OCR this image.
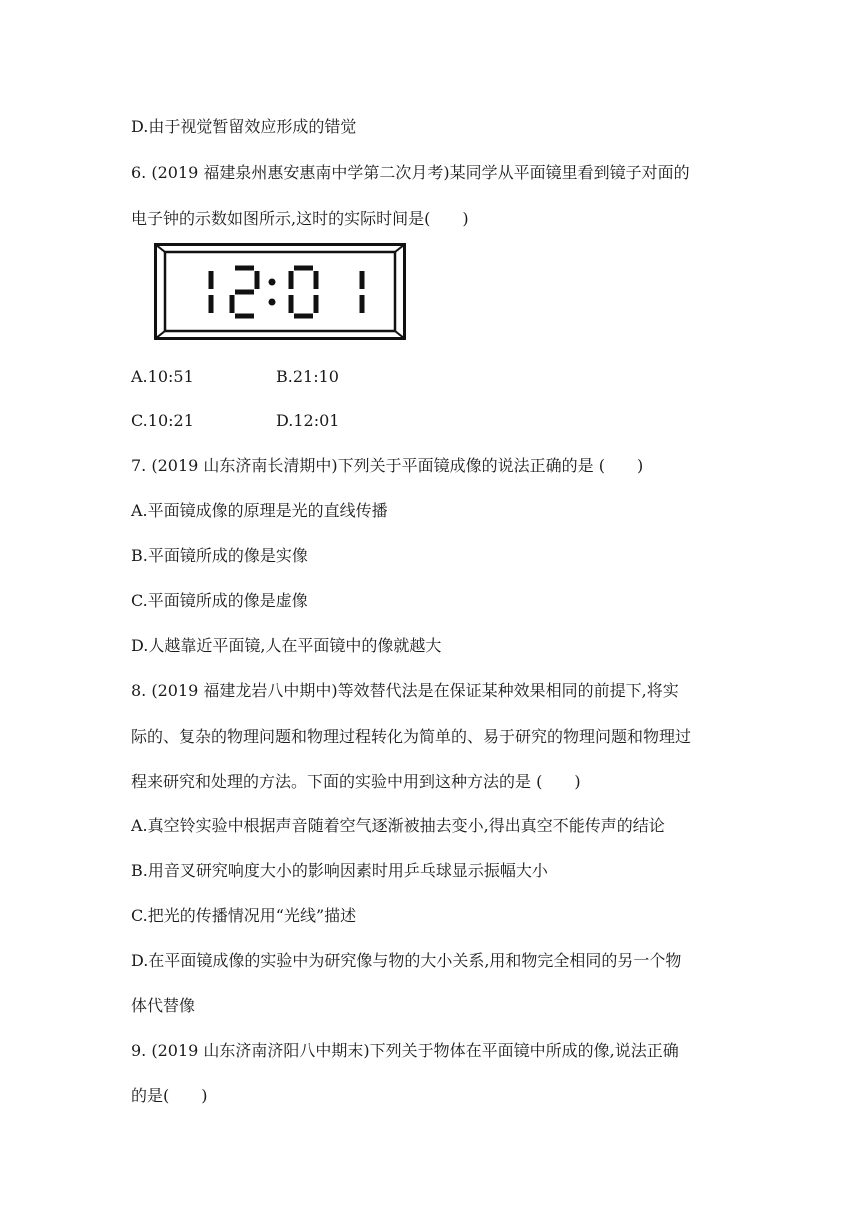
D.由于视觉暂留效应形成的错觉
6. (2019 福建泉州惠安惠南中学第二次月考)某同学从平面镜里看到镜子对面的
电子钟的示数如图所示,这时的实际时间是(　　)
A.10:51	B.21:10
C.10:21	D.12:01
7. (2019 山东济南长清期中)下列关于平面镜成像的说法正确的是 (　　)
A.平面镜成像的原理是光的直线传播
B.平面镜所成的像是实像
C.平面镜所成的像是虚像
D.人越靠近平面镜,人在平面镜中的像就越大
8. (2019 福建龙岩八中期中)等效替代法是在保证某种效果相同的前提下,将实
际的、复杂的物理问题和物理过程转化为简单的、易于研究的物理问题和物理过
程来研究和处理的方法。下面的实验中用到这种方法的是 (　　)
A.真空铃实验中根据声音随着空气逐渐被抽去变小,得出真空不能传声的结论
B.用音叉研究响度大小的影响因素时用乒乓球显示振幅大小
C.把光的传播情况用“光线”描述
D.在平面镜成像的实验中为研究像与物的大小关系,用和物完全相同的另一个物
体代替像
9. (2019 山东济南济阳八中期末)下列关于物体在平面镜中所成的像,说法正确
的是(　　)
